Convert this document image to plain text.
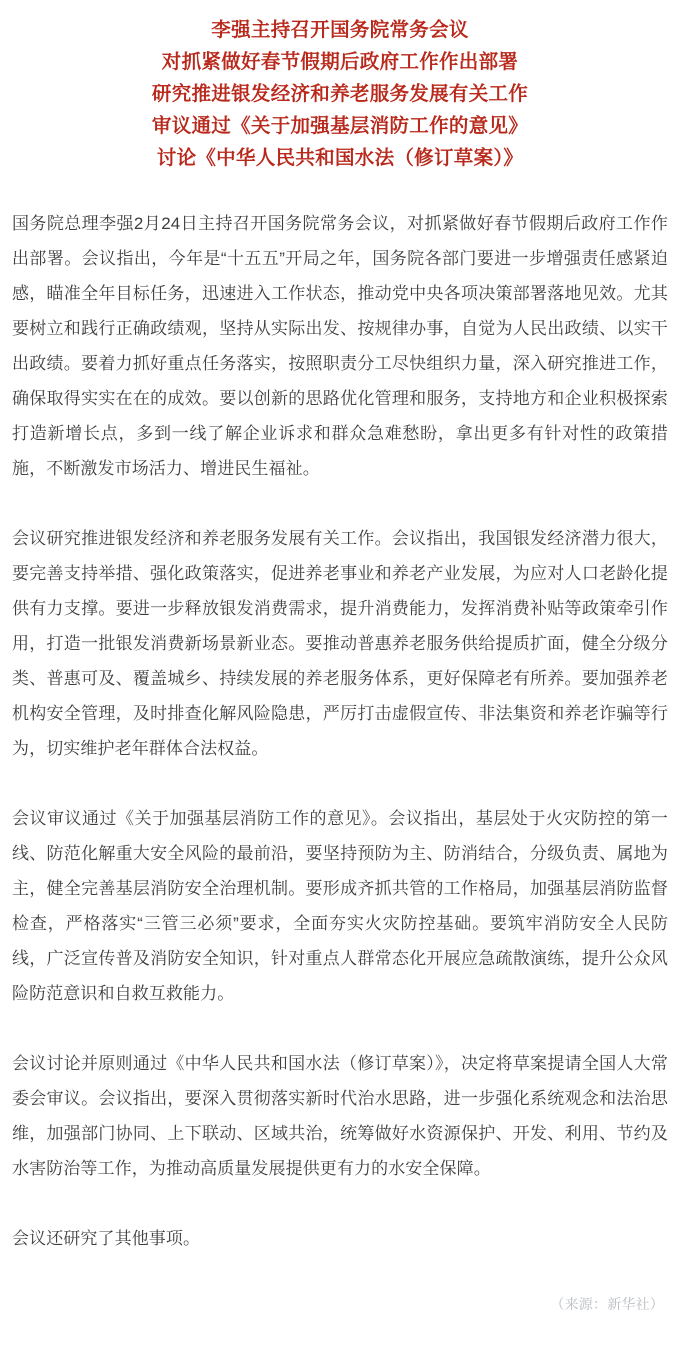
李强主持召开国务院常务会议
对抓紧做好春节假期后政府工作作出部署
研究推进银发经济和养老服务发展有关工作
审议通过《关于加强基层消防工作的意见》
讨论《中华人民共和国水法（修订草案）》

国务院总理李强2月24日主持召开国务院常务会议，对抓紧做好春节假期后政府工作作出部署。会议指出，今年是“十五五”开局之年，国务院各部门要进一步增强责任感紧迫感，瞄准全年目标任务，迅速进入工作状态，推动党中央各项决策部署落地见效。尤其要树立和践行正确政绩观，坚持从实际出发、按规律办事，自觉为人民出政绩、以实干出政绩。要着力抓好重点任务落实，按照职责分工尽快组织力量，深入研究推进工作，确保取得实实在在的成效。要以创新的思路优化管理和服务，支持地方和企业积极探索打造新增长点，多到一线了解企业诉求和群众急难愁盼，拿出更多有针对性的政策措施，不断激发市场活力、增进民生福祉。

会议研究推进银发经济和养老服务发展有关工作。会议指出，我国银发经济潜力很大，要完善支持举措、强化政策落实，促进养老事业和养老产业发展，为应对人口老龄化提供有力支撑。要进一步释放银发消费需求，提升消费能力，发挥消费补贴等政策牵引作用，打造一批银发消费新场景新业态。要推动普惠养老服务供给提质扩面，健全分级分类、普惠可及、覆盖城乡、持续发展的养老服务体系，更好保障老有所养。要加强养老机构安全管理，及时排查化解风险隐患，严厉打击虚假宣传、非法集资和养老诈骗等行为，切实维护老年群体合法权益。

会议审议通过《关于加强基层消防工作的意见》。会议指出，基层处于火灾防控的第一线、防范化解重大安全风险的最前沿，要坚持预防为主、防消结合，分级负责、属地为主，健全完善基层消防安全治理机制。要形成齐抓共管的工作格局，加强基层消防监督检查，严格落实“三管三必须”要求，全面夯实火灾防控基础。要筑牢消防安全人民防线，广泛宣传普及消防安全知识，针对重点人群常态化开展应急疏散演练，提升公众风险防范意识和自救互救能力。

会议讨论并原则通过《中华人民共和国水法（修订草案）》，决定将草案提请全国人大常委会审议。会议指出，要深入贯彻落实新时代治水思路，进一步强化系统观念和法治思维，加强部门协同、上下联动、区域共治，统筹做好水资源保护、开发、利用、节约及水害防治等工作，为推动高质量发展提供更有力的水安全保障。

会议还研究了其他事项。

（来源：新华社）
